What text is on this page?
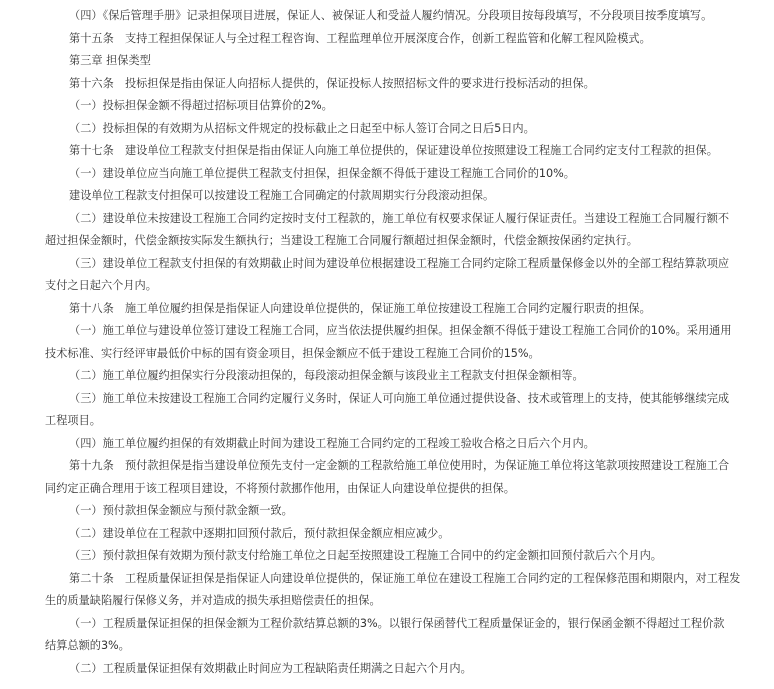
（四）《保后管理手册》记录担保项目进展，保证人、被保证人和受益人履约情况。分段项目按每段填写，不分段项目按季度填写。

第十五条　支持工程担保保证人与全过程工程咨询、工程监理单位开展深度合作，创新工程监管和化解工程风险模式。

第三章 担保类型

第十六条　投标担保是指由保证人向招标人提供的，保证投标人按照招标文件的要求进行投标活动的担保。

（一）投标担保金额不得超过招标项目估算价的2%。

（二）投标担保的有效期为从招标文件规定的投标截止之日起至中标人签订合同之日后5日内。

第十七条　建设单位工程款支付担保是指由保证人向施工单位提供的，保证建设单位按照建设工程施工合同约定支付工程款的担保。

（一）建设单位应当向施工单位提供工程款支付担保，担保金额不得低于建设工程施工合同价的10%。

建设单位工程款支付担保可以按建设工程施工合同确定的付款周期实行分段滚动担保。

（二）建设单位未按建设工程施工合同约定按时支付工程款的，施工单位有权要求保证人履行保证责任。当建设工程施工合同履行额不

超过担保金额时，代偿金额按实际发生额执行；当建设工程施工合同履行额超过担保金额时，代偿金额按保函约定执行。

（三）建设单位工程款支付担保的有效期截止时间为建设单位根据建设工程施工合同约定除工程质量保修金以外的全部工程结算款项应

支付之日起六个月内。

第十八条　施工单位履约担保是指保证人向建设单位提供的，保证施工单位按建设工程施工合同约定履行职责的担保。

（一）施工单位与建设单位签订建设工程施工合同，应当依法提供履约担保。担保金额不得低于建设工程施工合同价的10%。采用通用

技术标准、实行经评审最低价中标的国有资金项目，担保金额应不低于建设工程施工合同价的15%。

（二）施工单位履约担保实行分段滚动担保的，每段滚动担保金额与该段业主工程款支付担保金额相等。

（三）施工单位未按建设工程施工合同约定履行义务时，保证人可向施工单位通过提供设备、技术或管理上的支持，使其能够继续完成

工程项目。

（四）施工单位履约担保的有效期截止时间为建设工程施工合同约定的工程竣工验收合格之日后六个月内。

第十九条　预付款担保是指当建设单位预先支付一定金额的工程款给施工单位使用时，为保证施工单位将这笔款项按照建设工程施工合

同约定正确合理用于该工程项目建设，不将预付款挪作他用，由保证人向建设单位提供的担保。

（一）预付款担保金额应与预付款金额一致。

（二）建设单位在工程款中逐期扣回预付款后，预付款担保金额应相应减少。

（三）预付款担保有效期为预付款支付给施工单位之日起至按照建设工程施工合同中的约定金额扣回预付款后六个月内。

第二十条　工程质量保证担保是指保证人向建设单位提供的，保证施工单位在建设工程施工合同约定的工程保修范围和期限内，对工程发

生的质量缺陷履行保修义务，并对造成的损失承担赔偿责任的担保。

（一）工程质量保证担保的担保金额为工程价款结算总额的3%。以银行保函替代工程质量保证金的，银行保函金额不得超过工程价款

结算总额的3%。

（二）工程质量保证担保有效期截止时间应为工程缺陷责任期满之日起六个月内。
